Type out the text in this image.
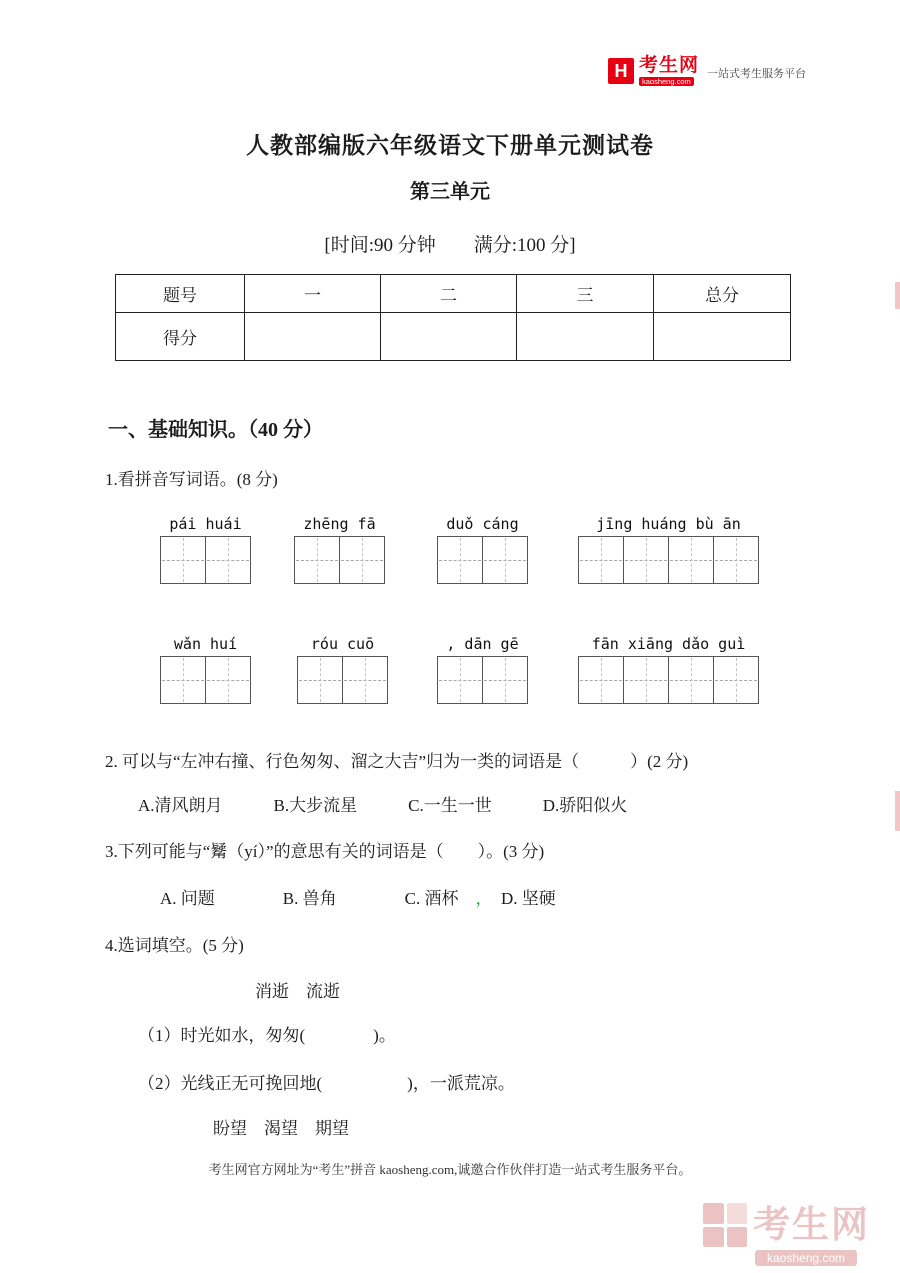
H 考生网
kaosheng.com
一站式考生服务平台
人教部编版六年级语文下册单元测试卷
第三单元
[时间:90 分钟　　满分:100 分]
题号	一	二	三	总分
得分				
一、基础知识。（40 分）
1.看拼音写词语。(8 分)
pái huái	zhēng fā	duǒ cáng	jīng huáng bù ān
wǎn huí	róu cuō	, dān gē	fān xiāng dǎo guì
2. 可以与“左冲右撞、行色匆匆、溜之大吉”归为一类的词语是（　　　）(2 分)
A.清风朗月　　　B.大步流星　　　C.一生一世　　　D.骄阳似火
3.下列可能与“觺（yí）”的意思有关的词语是（　　）。(3 分)
A. 问题　　　　B. 兽角　　　　C. 酒杯　 ，　 D. 坚硬
4.选词填空。(5 分)
消逝　流逝
（1）时光如水，匆匆(　　　　)。
（2）光线正无可挽回地(　　　　　)，一派荒凉。
盼望　渴望　期望
考生网官方网址为“考生”拼音 kaosheng.com,诚邀合作伙伴打造一站式考生服务平台。
考生网
kaosheng.com
